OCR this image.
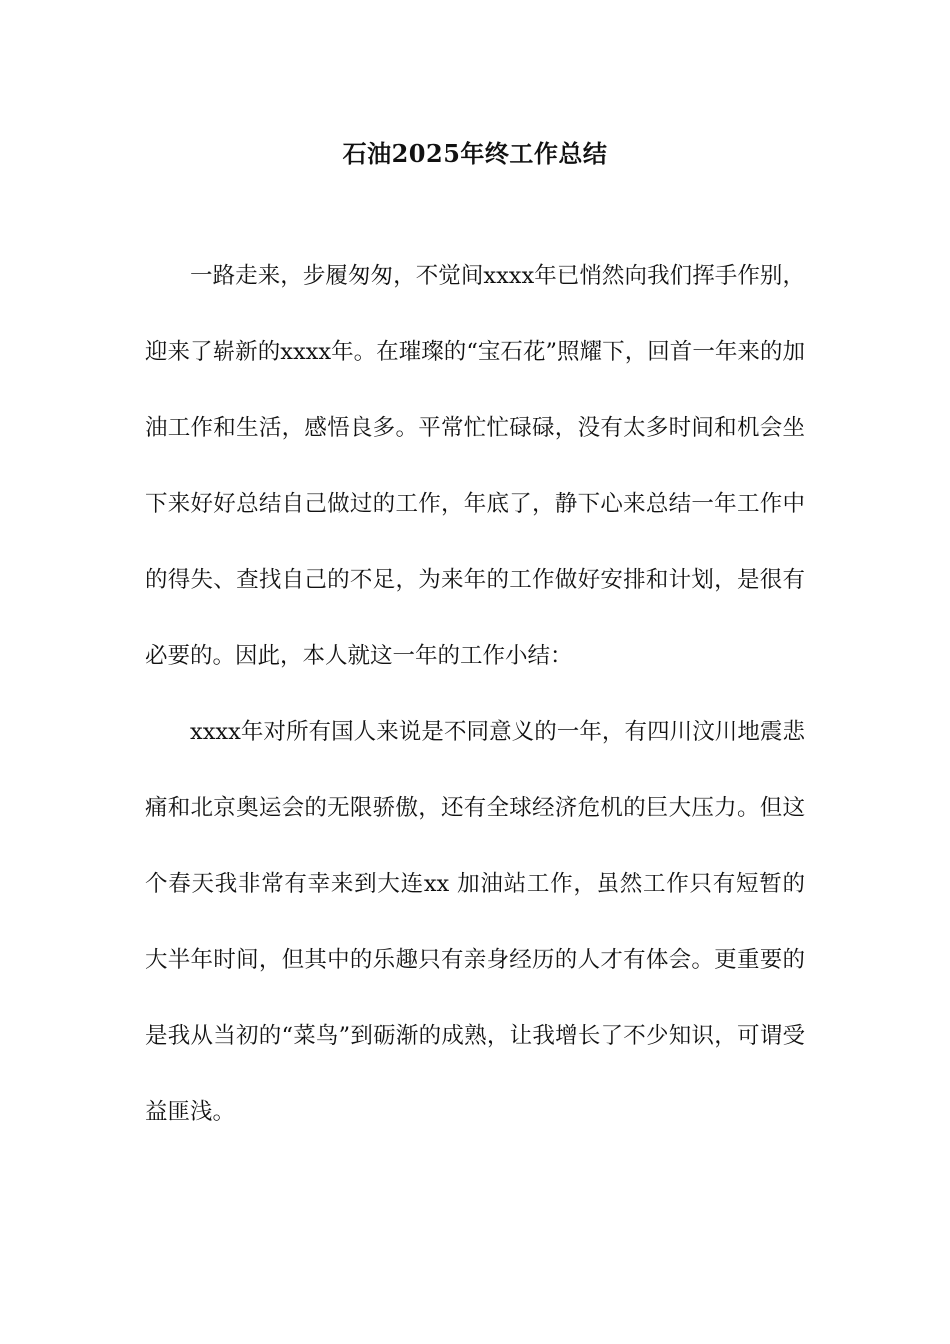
石油2025年终工作总结

一路走来，步履匆匆，不觉间xxxx年已悄然向我们挥手作别，迎来了崭新的xxxx年。在璀璨的“宝石花”照耀下，回首一年来的加油工作和生活，感悟良多。平常忙忙碌碌，没有太多时间和机会坐下来好好总结自己做过的工作，年底了，静下心来总结一年工作中的得失、查找自己的不足，为来年的工作做好安排和计划，是很有必要的。因此，本人就这一年的工作小结：

xxxx年对所有国人来说是不同意义的一年，有四川汶川地震悲痛和北京奥运会的无限骄傲，还有全球经济危机的巨大压力。但这个春天我非常有幸来到大连xx 加油站工作，虽然工作只有短暂的大半年时间，但其中的乐趣只有亲身经历的人才有体会。更重要的是我从当初的“菜鸟”到砺渐的成熟，让我增长了不少知识，可谓受益匪浅。
